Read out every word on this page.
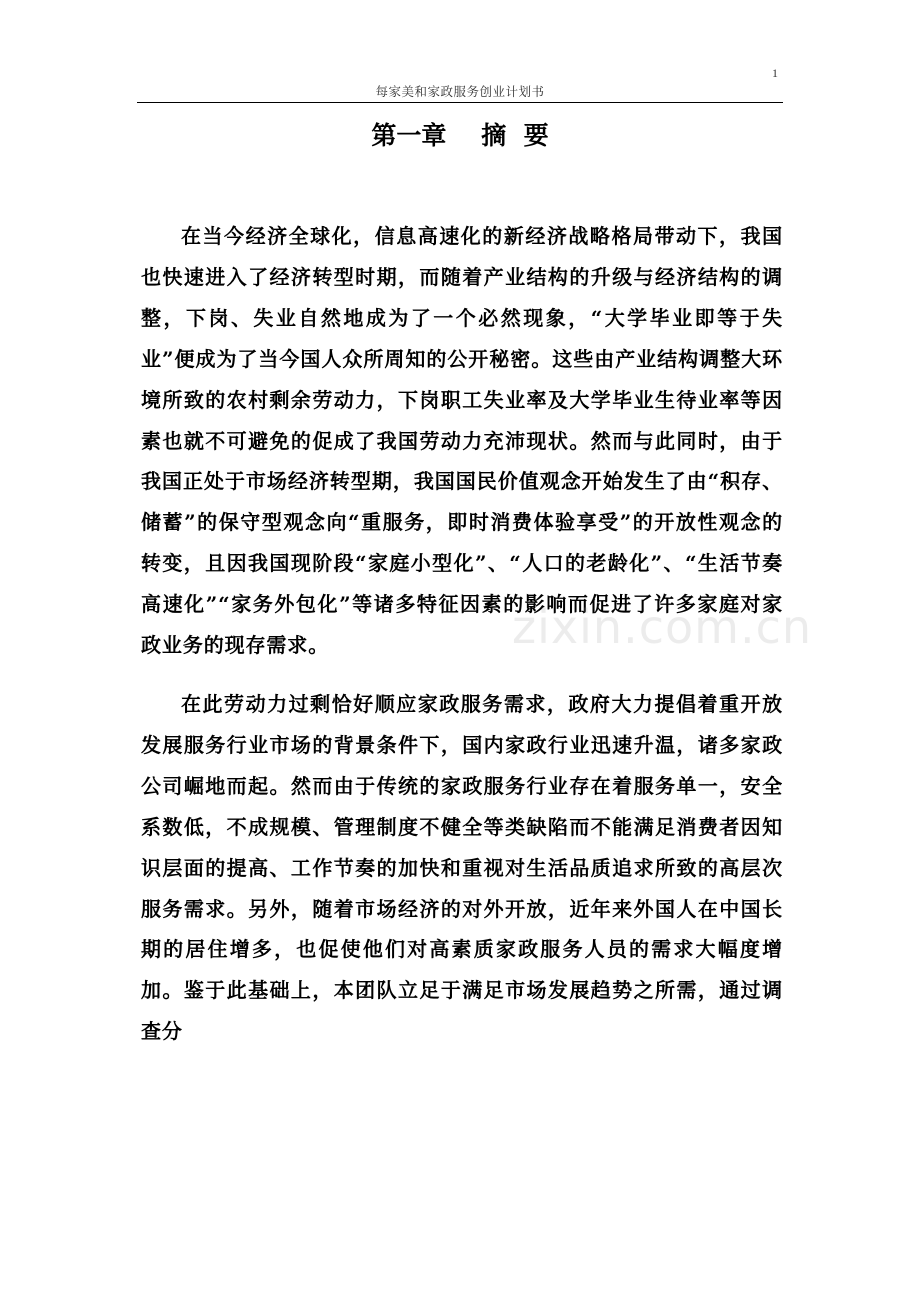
1
每家美和家政服务创业计划书
第一章    摘  要

在当今经济全球化，信息高速化的新经济战略格局带动下，我国也快速进入了经济转型时期，而随着产业结构的升级与经济结构的调整，下岗、失业自然地成为了一个必然现象，“大学毕业即等于失业”便成为了当今国人众所周知的公开秘密。这些由产业结构调整大环境所致的农村剩余劳动力，下岗职工失业率及大学毕业生待业率等因素也就不可避免的促成了我国劳动力充沛现状。然而与此同时，由于我国正处于市场经济转型期，我国国民价值观念开始发生了由“积存、储蓄”的保守型观念向“重服务，即时消费体验享受”的开放性观念的转变，且因我国现阶段“家庭小型化”、“人口的老龄化”、“生活节奏高速化”“家务外包化”等诸多特征因素的影响而促进了许多家庭对家政业务的现存需求。

在此劳动力过剩恰好顺应家政服务需求，政府大力提倡着重开放发展服务行业市场的背景条件下，国内家政行业迅速升温，诸多家政公司崛地而起。然而由于传统的家政服务行业存在着服务单一，安全系数低，不成规模、管理制度不健全等类缺陷而不能满足消费者因知识层面的提高、工作节奏的加快和重视对生活品质追求所致的高层次服务需求。另外，随着市场经济的对外开放，近年来外国人在中国长期的居住增多，也促使他们对高素质家政服务人员的需求大幅度增加。鉴于此基础上，本团队立足于满足市场发展趋势之所需，通过调查分

zixin.com.cn
